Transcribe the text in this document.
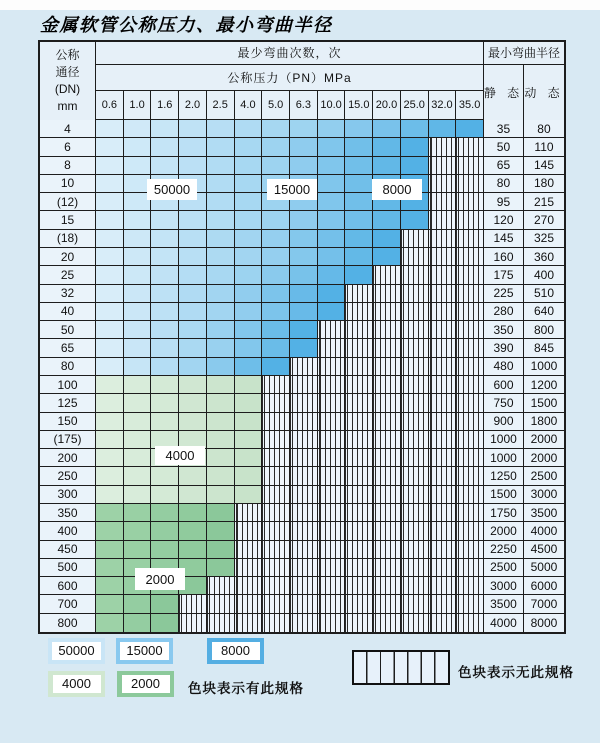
金属软管公称压力、最小弯曲半径
公称
通径
(DN)
mm
最少弯曲次数，次	最小弯曲半径
公称压力（PN）MPa
静 态 动 态
0.6	1.0	1.6	2.0	2.5	4.0	5.0	6.3 10.0 15.0 20.0 25.0 32.0 35.0
4	35	80
6	50	110
8	65	145
10	80	180
(12)	95	215
15	120	270
(18)	145	325
20	160	360
25	175	400
32	225	510
40	280	640
50	350	800
65	390	845
80	480	1000
100	600	1200
125	750	1500
150	900	1800
(175)	1000	2000
200	1000	2000
250	1250	2500
300	1500	3000
350	1750	3500
400	2000	4000
450	2250	4500
500	2500	5000
600	3000	6000
700	3500	7000
800	4000	8000
50000	15000	8000
4000
2000
2000
4000
8000
15000
50000
色块表示有此规格
色块表示无此规格
